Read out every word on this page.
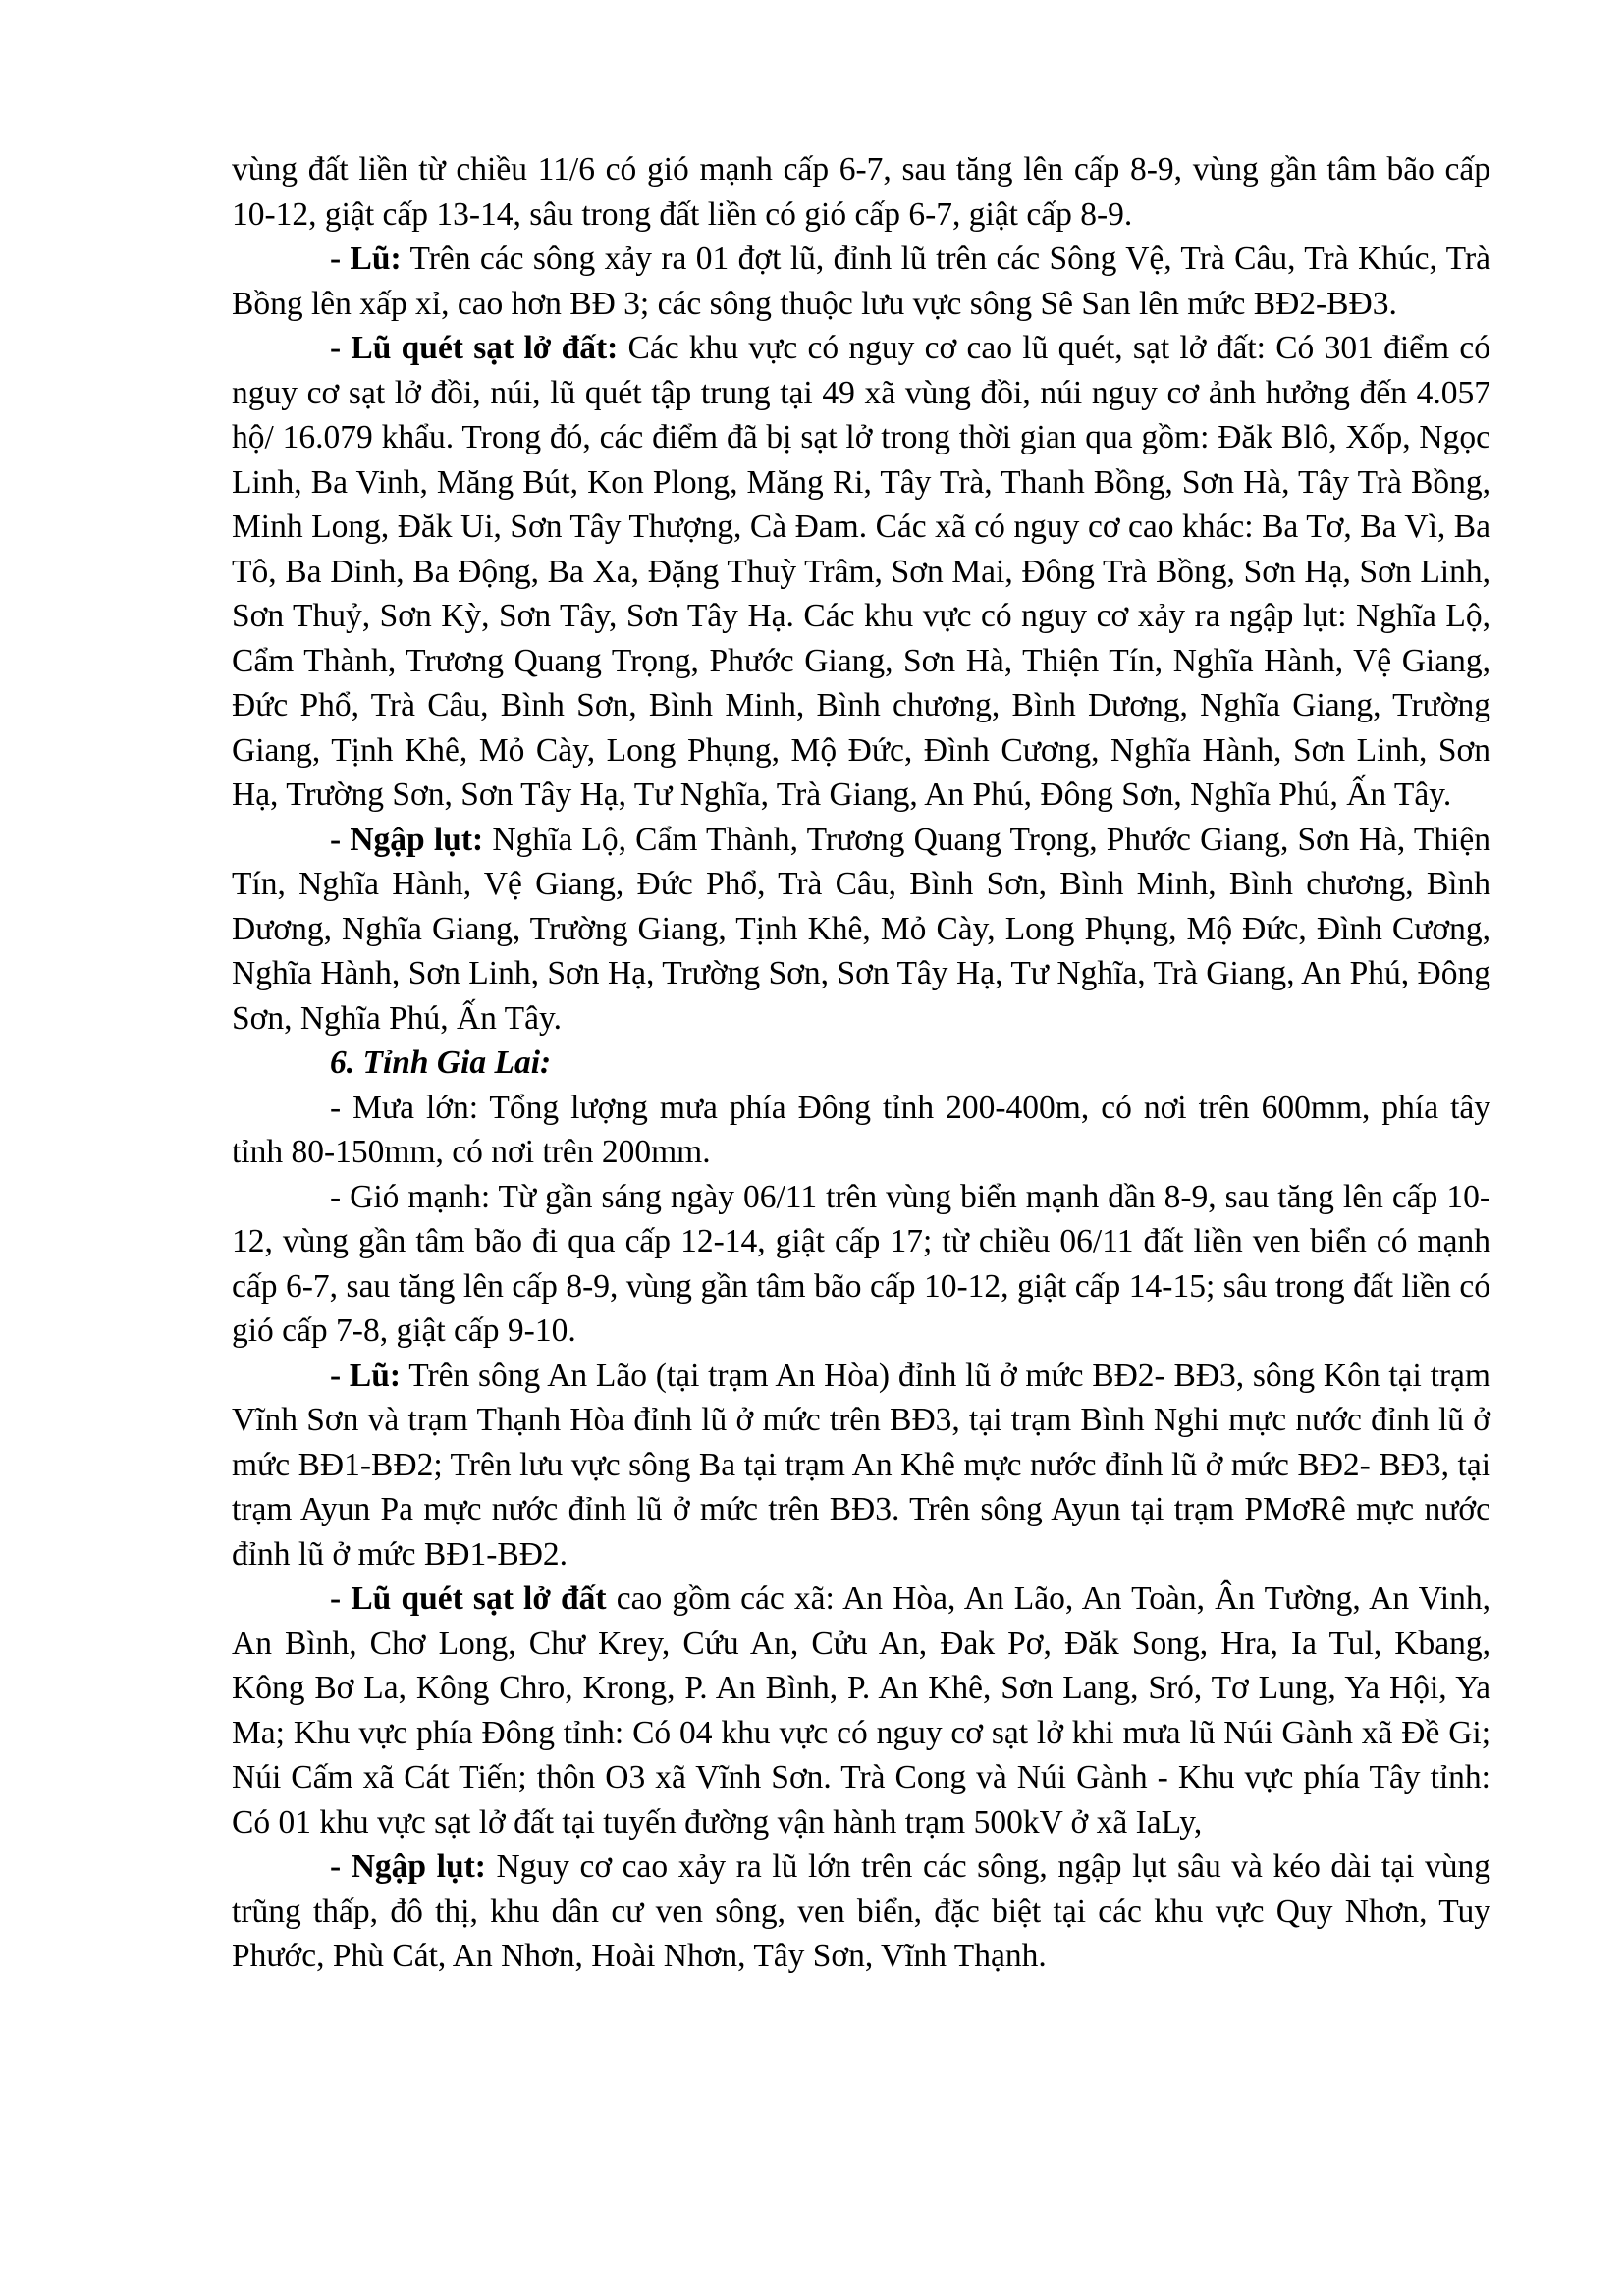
vùng đất liền từ chiều 11/6 có gió mạnh cấp 6-7, sau tăng lên cấp 8-9, vùng gần tâm bão cấp 10-12, giật cấp 13-14, sâu trong đất liền có gió cấp 6-7, giật cấp 8-9.

- Lũ: Trên các sông xảy ra 01 đợt lũ, đỉnh lũ trên các Sông Vệ, Trà Câu, Trà Khúc, Trà Bồng lên xấp xỉ, cao hơn BĐ 3; các sông thuộc lưu vực sông Sê San lên mức BĐ2-BĐ3.

- Lũ quét sạt lở đất: Các khu vực có nguy cơ cao lũ quét, sạt lở đất: Có 301 điểm có nguy cơ sạt lở đồi, núi, lũ quét tập trung tại 49 xã vùng đồi, núi nguy cơ ảnh hưởng đến 4.057 hộ/ 16.079 khẩu. Trong đó, các điểm đã bị sạt lở trong thời gian qua gồm: Đăk Blô, Xốp, Ngọc Linh, Ba Vinh, Măng Bút, Kon Plong, Măng Ri, Tây Trà, Thanh Bồng, Sơn Hà, Tây Trà Bồng, Minh Long, Đăk Ui, Sơn Tây Thượng, Cà Đam. Các xã có nguy cơ cao khác: Ba Tơ, Ba Vì, Ba Tô, Ba Dinh, Ba Động, Ba Xa, Đặng Thuỳ Trâm, Sơn Mai, Đông Trà Bồng, Sơn Hạ, Sơn Linh, Sơn Thuỷ, Sơn Kỳ, Sơn Tây, Sơn Tây Hạ. Các khu vực có nguy cơ xảy ra ngập lụt: Nghĩa Lộ, Cẩm Thành, Trương Quang Trọng, Phước Giang, Sơn Hà, Thiện Tín, Nghĩa Hành, Vệ Giang, Đức Phổ, Trà Câu, Bình Sơn, Bình Minh, Bình chương, Bình Dương, Nghĩa Giang, Trường Giang, Tịnh Khê, Mỏ Cày, Long Phụng, Mộ Đức, Đình Cương, Nghĩa Hành, Sơn Linh, Sơn Hạ, Trường Sơn, Sơn Tây Hạ, Tư Nghĩa, Trà Giang, An Phú, Đông Sơn, Nghĩa Phú, Ấn Tây.

- Ngập lụt: Nghĩa Lộ, Cẩm Thành, Trương Quang Trọng, Phước Giang, Sơn Hà, Thiện Tín, Nghĩa Hành, Vệ Giang, Đức Phổ, Trà Câu, Bình Sơn, Bình Minh, Bình chương, Bình Dương, Nghĩa Giang, Trường Giang, Tịnh Khê, Mỏ Cày, Long Phụng, Mộ Đức, Đình Cương, Nghĩa Hành, Sơn Linh, Sơn Hạ, Trường Sơn, Sơn Tây Hạ, Tư Nghĩa, Trà Giang, An Phú, Đông Sơn, Nghĩa Phú, Ấn Tây.

6. Tỉnh Gia Lai:

- Mưa lớn: Tổng lượng mưa phía Đông tỉnh 200-400m, có nơi trên 600mm, phía tây tỉnh 80-150mm, có nơi trên 200mm.

- Gió mạnh: Từ gần sáng ngày 06/11 trên vùng biển mạnh dần 8-9, sau tăng lên cấp 10-12, vùng gần tâm bão đi qua cấp 12-14, giật cấp 17; từ chiều 06/11 đất liền ven biển có mạnh cấp 6-7, sau tăng lên cấp 8-9, vùng gần tâm bão cấp 10-12, giật cấp 14-15; sâu trong đất liền có gió cấp 7-8, giật cấp 9-10.

- Lũ: Trên sông An Lão (tại trạm An Hòa) đỉnh lũ ở mức BĐ2- BĐ3, sông Kôn tại trạm Vĩnh Sơn và trạm Thạnh Hòa đỉnh lũ ở mức trên BĐ3, tại trạm Bình Nghi mực nước đỉnh lũ ở mức BĐ1-BĐ2; Trên lưu vực sông Ba tại trạm An Khê mực nước đỉnh lũ ở mức BĐ2- BĐ3, tại trạm Ayun Pa mực nước đỉnh lũ ở mức trên BĐ3. Trên sông Ayun tại trạm PMơRê mực nước đỉnh lũ ở mức BĐ1-BĐ2.

- Lũ quét sạt lở đất cao gồm các xã: An Hòa, An Lão, An Toàn, Ân Tường, An Vinh, An Bình, Chơ Long, Chư Krey, Cứu An, Cửu An, Đak Pơ, Đăk Song, Hra, Ia Tul, Kbang, Kông Bơ La, Kông Chro, Krong, P. An Bình, P. An Khê, Sơn Lang, Sró, Tơ Lung, Ya Hội, Ya Ma; Khu vực phía Đông tỉnh: Có 04 khu vực có nguy cơ sạt lở khi mưa lũ Núi Gành xã Đề Gi; Núi Cấm xã Cát Tiến; thôn O3 xã Vĩnh Sơn. Trà Cong và Núi Gành - Khu vực phía Tây tỉnh: Có 01 khu vực sạt lở đất tại tuyến đường vận hành trạm 500kV ở xã IaLy,

- Ngập lụt: Nguy cơ cao xảy ra lũ lớn trên các sông, ngập lụt sâu và kéo dài tại vùng trũng thấp, đô thị, khu dân cư ven sông, ven biển, đặc biệt tại các khu vực Quy Nhơn, Tuy Phước, Phù Cát, An Nhơn, Hoài Nhơn, Tây Sơn, Vĩnh Thạnh.
